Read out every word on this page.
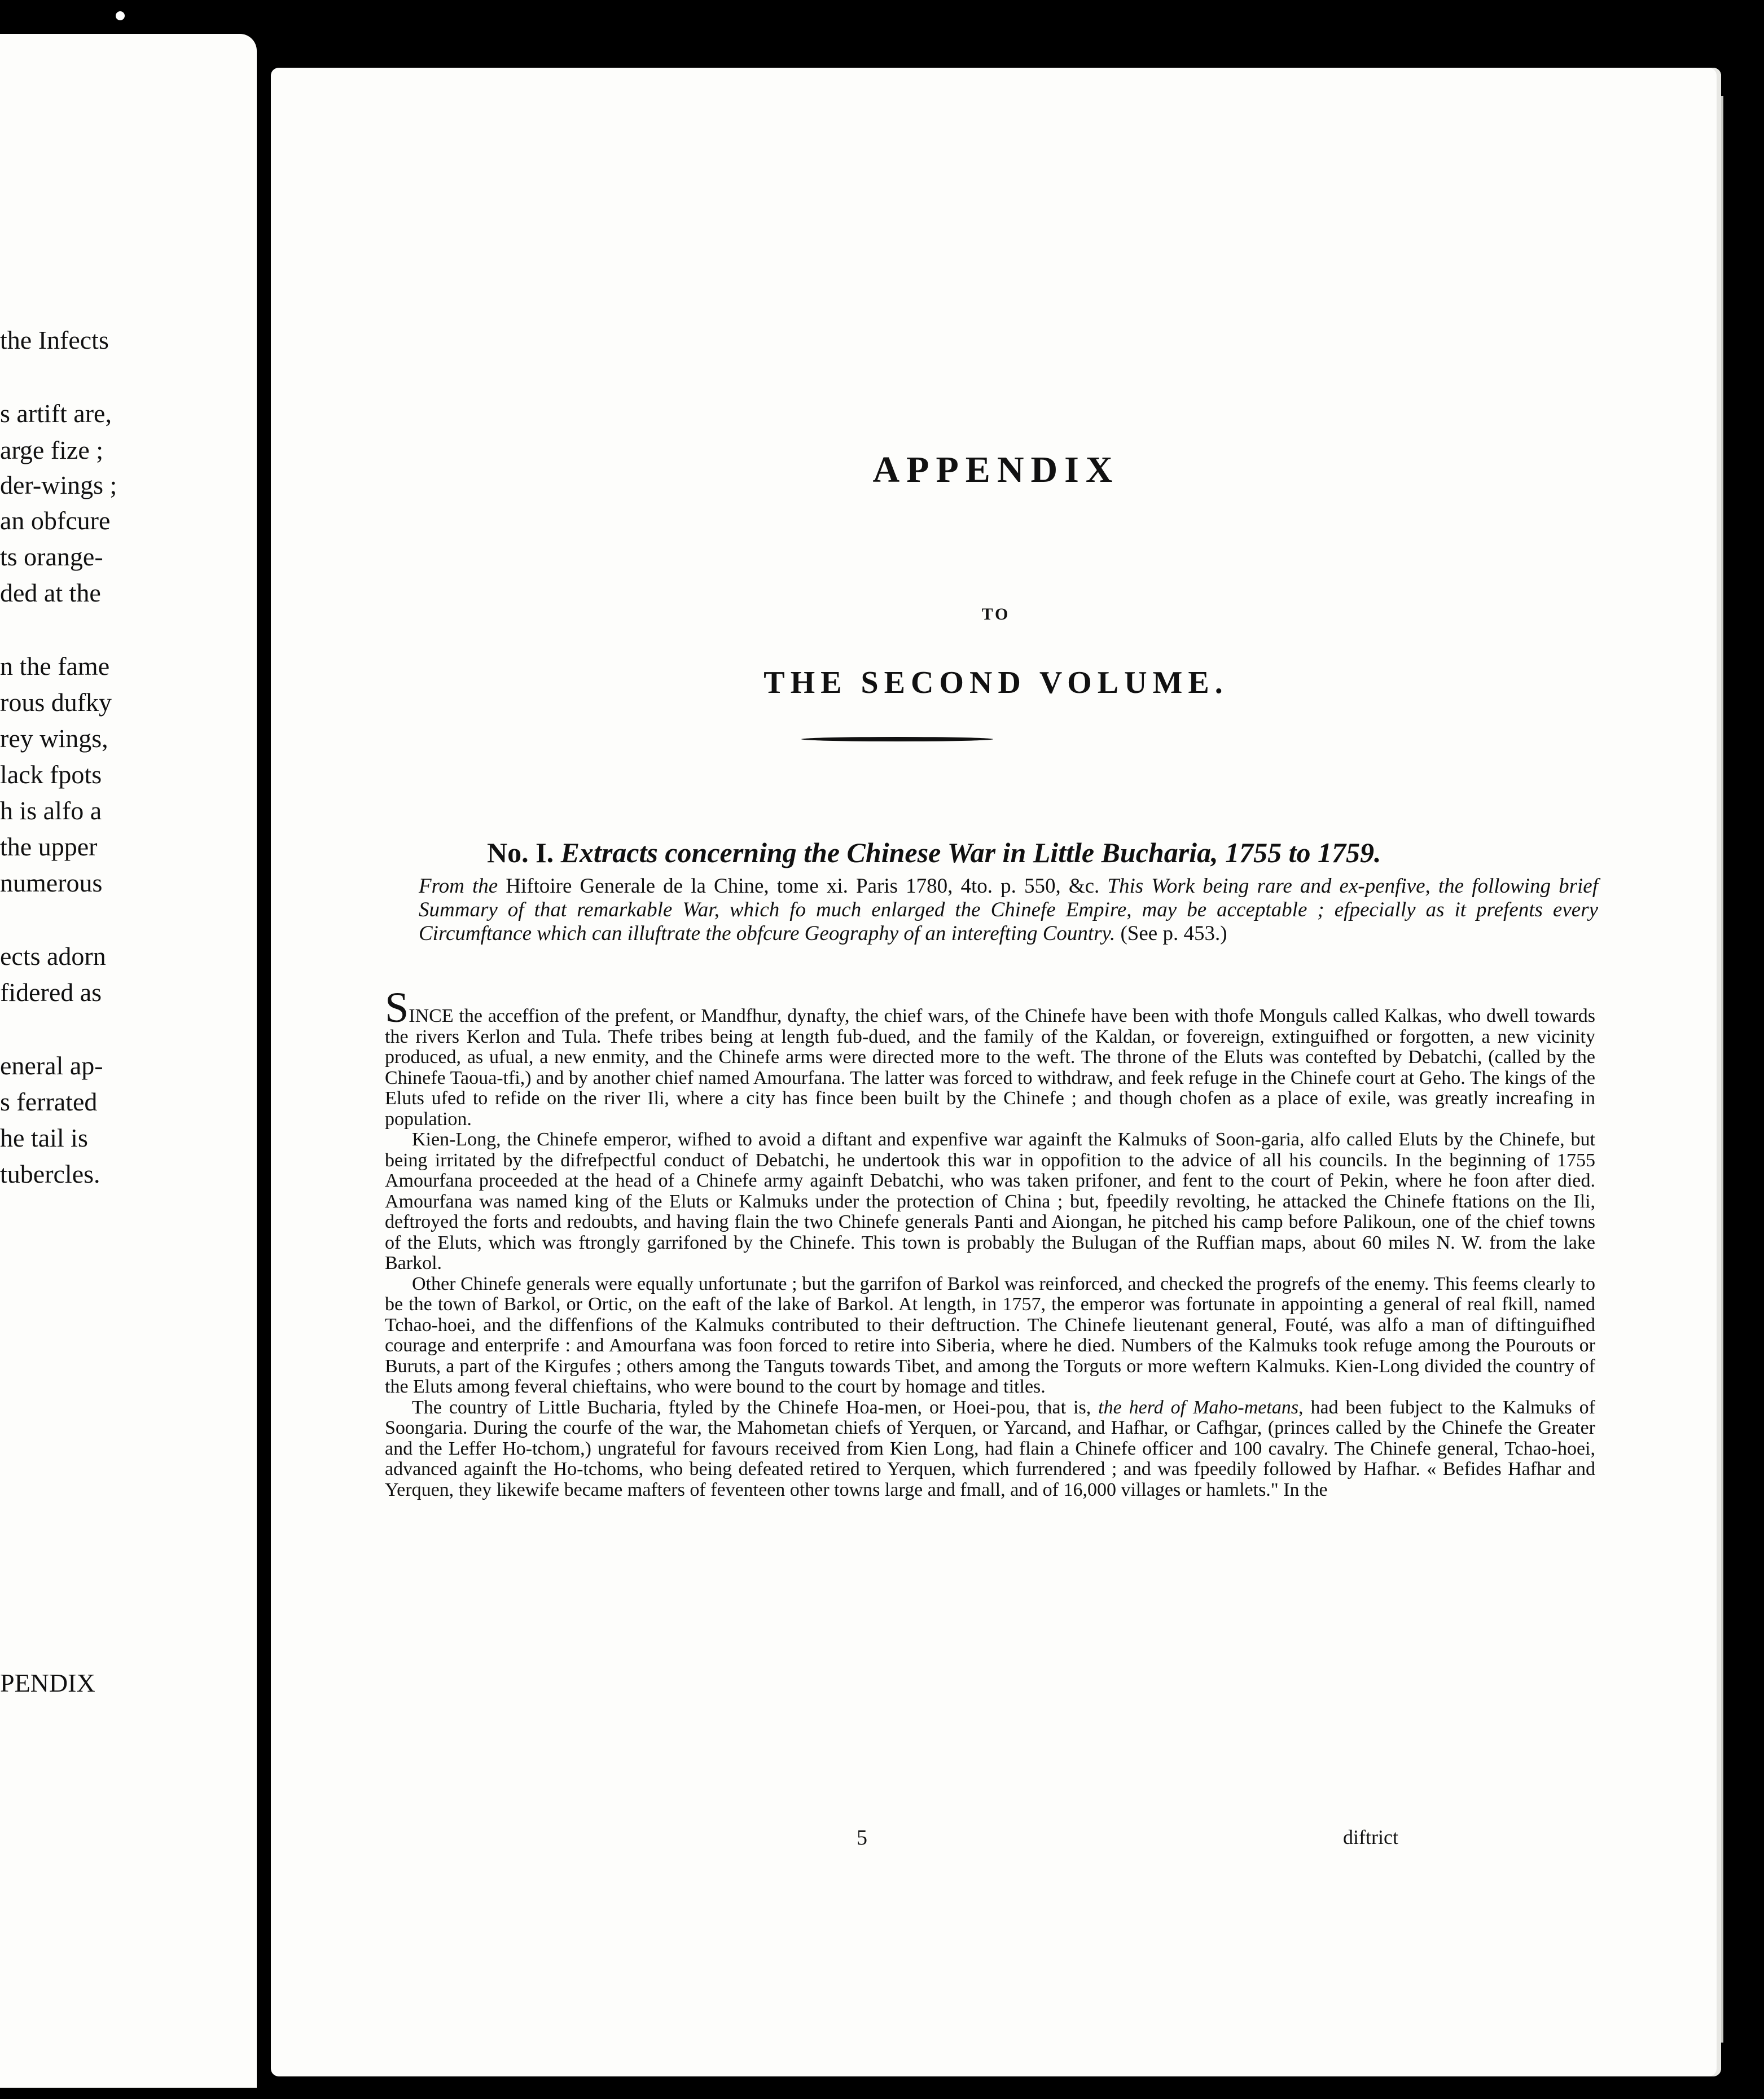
the Infects
s artift are,
arge fize ;
der-wings ;
an obfcure
ts orange-
ded at the
n the fame
rous dufky
rey wings,
lack fpots
h is alfo a
the upper
numerous
ects adorn
fidered as
eneral ap-
s ferrated
he tail is
tubercles.
PENDIX
APPENDIX
TO
THE SECOND VOLUME.
No. I. Extracts concerning the Chinese War in Little Bucharia, 1755 to 1759.
From the Hiftoire Generale de la Chine, tome xi. Paris 1780, 4to. p. 550, &c. This Work being rare and ex-penfive, the following brief Summary of that remarkable War, which fo much enlarged the Chinefe Empire, may be acceptable ; efpecially as it prefents every Circumftance which can illuftrate the obfcure Geography of an interefting Country. (See p. 453.)

SINCE the acceffion of the prefent, or Mandfhur, dynafty, the chief wars, of the Chinefe have been with thofe Monguls called Kalkas, who dwell towards the rivers Kerlon and Tula. Thefe tribes being at length fub-dued, and the family of the Kaldan, or fovereign, extinguifhed or forgotten, a new vicinity produced, as ufual, a new enmity, and the Chinefe arms were directed more to the weft. The throne of the Eluts was contefted by Debatchi, (called by the Chinefe Taoua-tfi,) and by another chief named Amourfana. The latter was forced to withdraw, and feek refuge in the Chinefe court at Geho. The kings of the Eluts ufed to refide on the river Ili, where a city has fince been built by the Chinefe ; and though chofen as a place of exile, was greatly increafing in population.

Kien-Long, the Chinefe emperor, wifhed to avoid a diftant and expenfive war againft the Kalmuks of Soon-garia, alfo called Eluts by the Chinefe, but being irritated by the difrefpectful conduct of Debatchi, he undertook this war in oppofition to the advice of all his councils. In the beginning of 1755 Amourfana proceeded at the head of a Chinefe army againft Debatchi, who was taken prifoner, and fent to the court of Pekin, where he foon after died. Amourfana was named king of the Eluts or Kalmuks under the protection of China ; but, fpeedily revolting, he attacked the Chinefe ftations on the Ili, deftroyed the forts and redoubts, and having flain the two Chinefe generals Panti and Aiongan, he pitched his camp before Palikoun, one of the chief towns of the Eluts, which was ftrongly garrifoned by the Chinefe. This town is probably the Bulugan of the Ruffian maps, about 60 miles N. W. from the lake Barkol.

Other Chinefe generals were equally unfortunate ; but the garrifon of Barkol was reinforced, and checked the progrefs of the enemy. This feems clearly to be the town of Barkol, or Ortic, on the eaft of the lake of Barkol. At length, in 1757, the emperor was fortunate in appointing a general of real fkill, named Tchao-hoei, and the diffenfions of the Kalmuks contributed to their deftruction. The Chinefe lieutenant general, Fouté, was alfo a man of diftinguifhed courage and enterprife : and Amourfana was foon forced to retire into Siberia, where he died. Numbers of the Kalmuks took refuge among the Pourouts or Buruts, a part of the Kirgufes ; others among the Tanguts towards Tibet, and among the Torguts or more weftern Kalmuks. Kien-Long divided the country of the Eluts among feveral chieftains, who were bound to the court by homage and titles.

The country of Little Bucharia, ftyled by the Chinefe Hoa-men, or Hoei-pou, that is, the herd of Maho-metans, had been fubject to the Kalmuks of Soongaria. During the courfe of the war, the Mahometan chiefs of Yerquen, or Yarcand, and Hafhar, or Cafhgar, (princes called by the Chinefe the Greater and the Leffer Ho-tchom,) ungrateful for favours received from Kien Long, had flain a Chinefe officer and 100 cavalry. The Chinefe general, Tchao-hoei, advanced againft the Ho-tchoms, who being defeated retired to Yerquen, which furrendered ; and was fpeedily followed by Hafhar. « Befides Hafhar and Yerquen, they likewife became mafters of feventeen other towns large and fmall, and of 16,000 villages or hamlets." In the

5	diftrict
